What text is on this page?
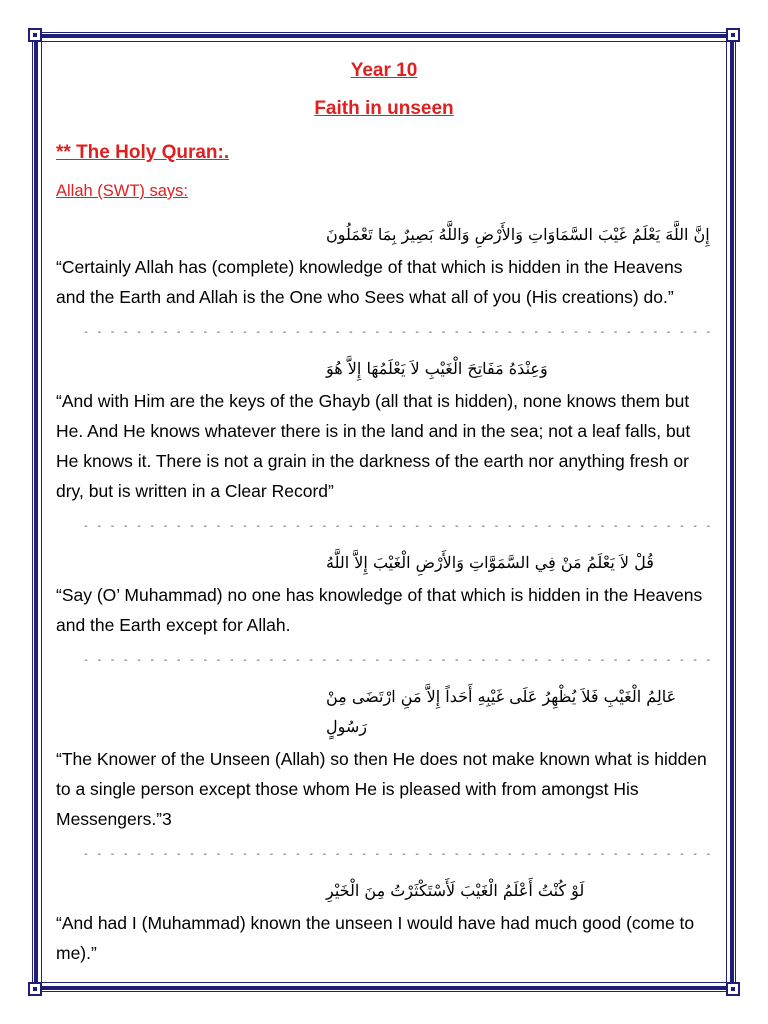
Year 10
Faith in unseen
** The Holy Quran:.
Allah (SWT) says:
إِنَّ اللَّهَ يَعْلَمُ غَيْبَ السَّمَاوَاتِ وَالأَرْضِ وَاللَّهُ بَصِيرٌ بِمَا تَعْمَلُونَ
“Certainly Allah has (complete) knowledge of that which is hidden in the Heavens and the Earth and Allah is the One who Sees what all of you (His creations) do.”
- - - - - - - - - - - - - - - - - - - - - - - - - - - - - - - - - - - - - - - - - - - - - - - -
وَعِنْدَهُ مَفَاتِحَ الْغَيْبِ لاَ يَعْلَمُهَا إِلاَّ هُوَ
“And with Him are the keys of the Ghayb (all that is hidden), none knows them but He. And He knows whatever there is in the land and in the sea; not a leaf falls, but He knows it. There is not a grain in the darkness of the earth nor anything fresh or dry, but is written in a Clear Record”
- - - - - - - - - - - - - - - - - - - - - - - - - - - - - - - - - - - - - - - - - - - - - - - -
قُلْ لاَ يَعْلَمُ مَنْ فِي السَّمَوَّاتِ وَالأَرْضِ الْغَيْبَ إِلاَّ اللَّهُ
“Say (O’ Muhammad) no one has knowledge of that which is hidden in the Heavens and the Earth except for Allah.
- - - - - - - - - - - - - - - - - - - - - - - - - - - - - - - - - - - - - - - - - - - - - - - -
عَالِمُ الْغَيْبِ فَلاَ يُظْهِرُ عَلَى غَيْبِهِ أَحَداً إِلاَّ مَنِ ارْتَضَى مِنْ رَسُولٍ
“The Knower of the Unseen (Allah) so then He does not make known what is hidden to a single person except those whom He is pleased with from amongst His Messengers.”3
- - - - - - - - - - - - - - - - - - - - - - - - - - - - - - - - - - - - - - - - - - - - - - - -
لَوْ كُنْتُ أَعْلَمُ الْغَيْبَ لَأَسْتَكْثَرْتُ مِنَ الْخَيْرِ
“And had I (Muhammad) known the unseen I would have had much good (come to me).”
